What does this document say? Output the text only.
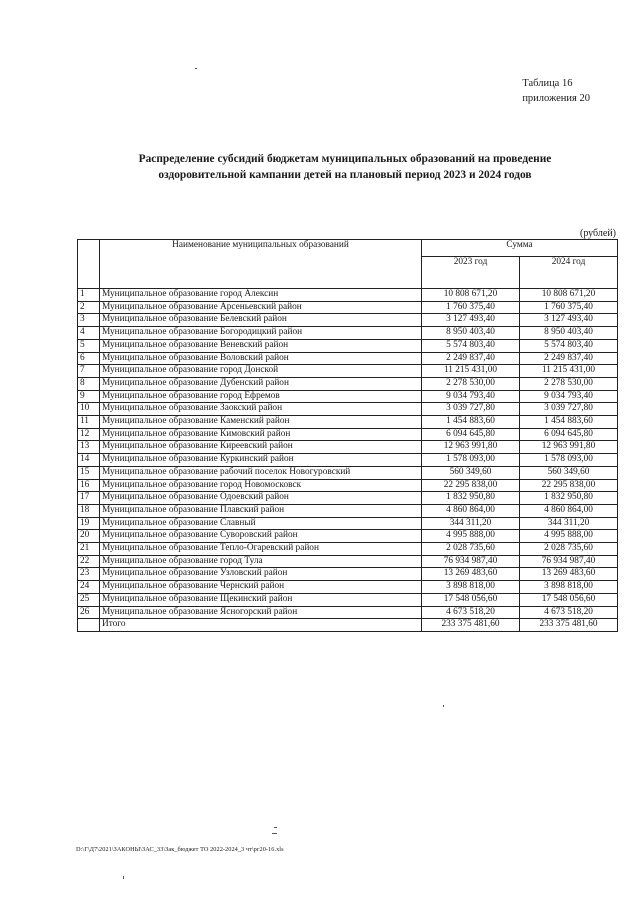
Таблица 16
приложения 20
Распределение субсидий бюджетам муниципальных образований на проведение
оздоровительной кампании детей на плановый период 2023 и 2024 годов
(рублей)
	Наименование муниципальных образований	Сумма	
		2023 год	2024 год
1	Муниципальное образование город Алексин	10 808 671,20	10 808 671,20
2	Муниципальное образование Арсеньевский район	1 760 375,40	1 760 375,40
3	Муниципальное образование Белевский район	3 127 493,40	3 127 493,40
4	Муниципальное образование Богородицкий район	8 950 403,40	8 950 403,40
5	Муниципальное образование Веневский район	5 574 803,40	5 574 803,40
6	Муниципальное образование Воловский район	2 249 837,40	2 249 837,40
7	Муниципальное образование город Донской	11 215 431,00	11 215 431,00
8	Муниципальное образование Дубенский район	2 278 530,00	2 278 530,00
9	Муниципальное образование город Ефремов	9 034 793,40	9 034 793,40
10	Муниципальное образование Заокский район	3 039 727,80	3 039 727,80
11	Муниципальное образование Каменский район	1 454 883,60	1 454 883,60
12	Муниципальное образование Кимовский район	6 094 645,80	6 094 645,80
13	Муниципальное образование Киреевский район	12 963 991,80	12 963 991,80
14	Муниципальное образование Куркинский район	1 578 093,00	1 578 093,00
15	Муниципальное образование рабочий поселок Новогуровский	560 349,60	560 349,60
16	Муниципальное образование город Новомосковск	22 295 838,00	22 295 838,00
17	Муниципальное образование Одоевский район	1 832 950,80	1 832 950,80
18	Муниципальное образование Плавский район	4 860 864,00	4 860 864,00
19	Муниципальное образование Славный	344 311,20	344 311,20
20	Муниципальное образование Суворовский район	4 995 888,00	4 995 888,00
21	Муниципальное образование Тепло-Огаревский район	2 028 735,60	2 028 735,60
22	Муниципальное образование город Тула	76 934 987,40	76 934 987,40
23	Муниципальное образование Узловский район	13 269 483,60	13 269 483,60
24	Муниципальное образование Чернский район	3 898 818,00	3 898 818,00
25	Муниципальное образование Щекинский район	17 548 056,60	17 548 056,60
26	Муниципальное образование Ясногорский район	4 673 518,20	4 673 518,20
	Итого	233 375 481,60	233 375 481,60
D:\Г\Д7\2021\ЗАКОНЫ\ЗАС_33\Зак_бюджет ТО 2022-2024_3 чт\рг20-16.xls
